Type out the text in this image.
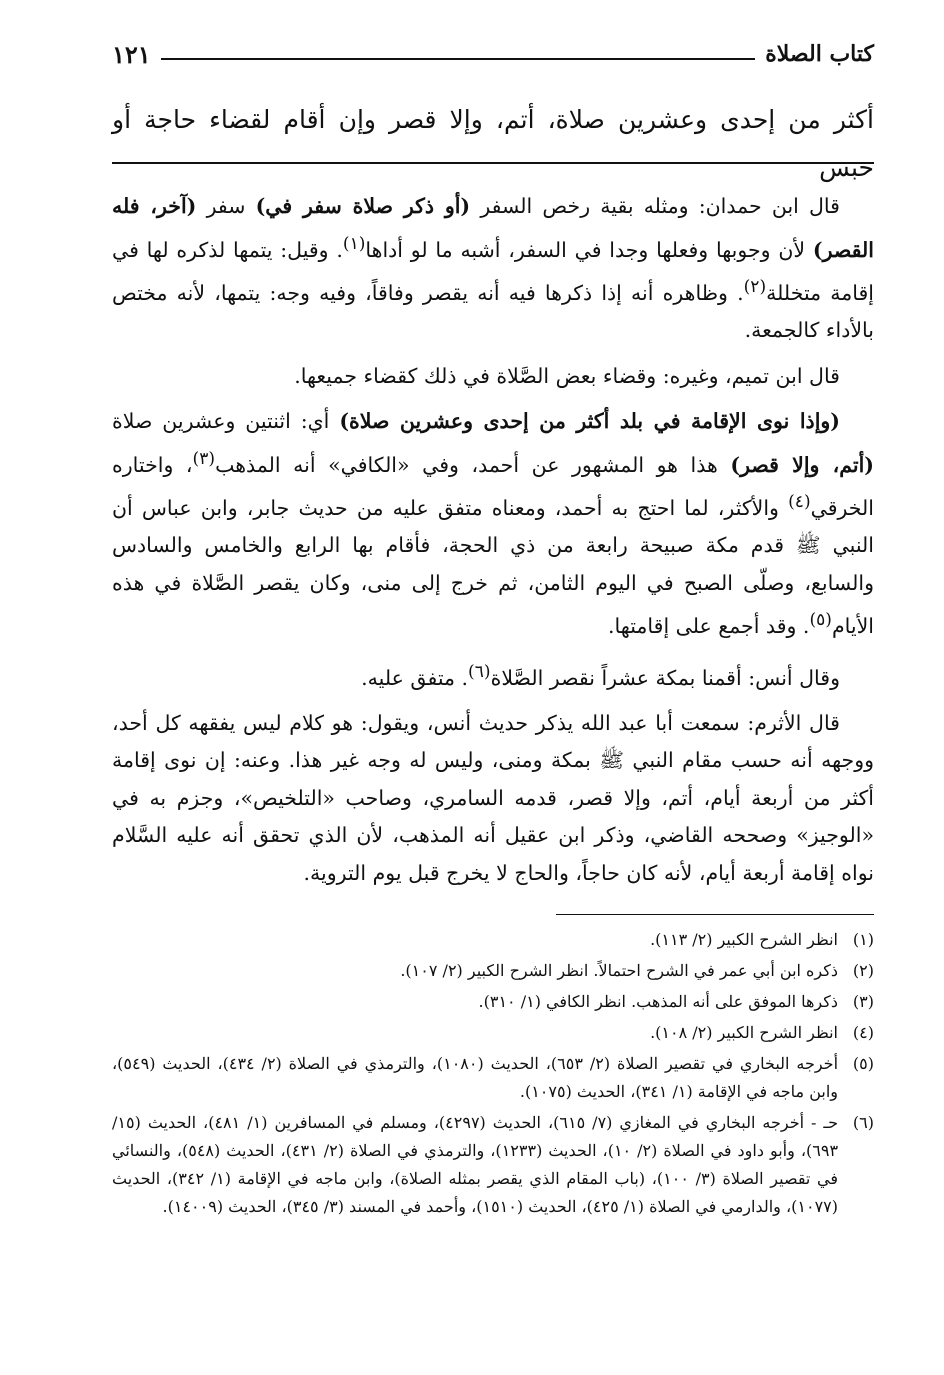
كتاب الصلاة
١٢١
أكثر من إحدى وعشرين صلاة، أتم، وإلا قصر وإن أقام لقضاء حاجة أو حبس

قال ابن حمدان: ومثله بقية رخص السفر (أو ذكر صلاة سفر في) سفر (آخر، فله القصر) لأن وجوبها وفعلها وجدا في السفر، أشبه ما لو أداها$^{(١)}$. وقيل: يتمها لذكره لها في إقامة متخللة$^{(٢)}$. وظاهره أنه إذا ذكرها فيه أنه يقصر وفاقاً، وفيه وجه: يتمها، لأنه مختص بالأداء كالجمعة.

قال ابن تميم، وغيره: وقضاء بعض الصَّلاة في ذلك كقضاء جميعها.

(وإذا نوى الإقامة في بلد أكثر من إحدى وعشرين صلاة) أي: اثنتين وعشرين صلاة (أتم، وإلا قصر) هذا هو المشهور عن أحمد، وفي «الكافي» أنه المذهب$^{(٣)}$، واختاره الخرقي$^{(٤)}$ والأكثر، لما احتج به أحمد، ومعناه متفق عليه من حديث جابر، وابن عباس أن النبي ﷺ قدم مكة صبيحة رابعة من ذي الحجة، فأقام بها الرابع والخامس والسادس والسابع، وصلّى الصبح في اليوم الثامن، ثم خرج إلى منى، وكان يقصر الصَّلاة في هذه الأيام$^{(٥)}$. وقد أجمع على إقامتها.

وقال أنس: أقمنا بمكة عشراً نقصر الصَّلاة$^{(٦)}$. متفق عليه.

قال الأثرم: سمعت أبا عبد الله يذكر حديث أنس، ويقول: هو كلام ليس يفقهه كل أحد، ووجهه أنه حسب مقام النبي ﷺ بمكة ومنى، وليس له وجه غير هذا. وعنه: إن نوى إقامة أكثر من أربعة أيام، أتم، وإلا قصر، قدمه السامري، وصاحب «التلخيص»، وجزم به في «الوجيز» وصححه القاضي، وذكر ابن عقيل أنه المذهب، لأن الذي تحقق أنه عليه السَّلام نواه إقامة أربعة أيام، لأنه كان حاجاً، والحاج لا يخرج قبل يوم التروية.

(١)
انظر الشرح الكبير (٢/ ١١٣).
(٢)
ذكره ابن أبي عمر في الشرح احتمالاً. انظر الشرح الكبير (٢/ ١٠٧).
(٣)
ذكرها الموفق على أنه المذهب. انظر الكافي (١/ ٣١٠).
(٤)
انظر الشرح الكبير (٢/ ١٠٨).
(٥)
أخرجه البخاري في تقصير الصلاة (٢/ ٦٥٣)، الحديث (١٠٨٠)، والترمذي في الصلاة (٢/ ٤٣٤)، الحديث (٥٤٩)، وابن ماجه في الإقامة (١/ ٣٤١)، الحديث (١٠٧٥).
(٦)
حـ - أخرجه البخاري في المغازي (٧/ ٦١٥)، الحديث (٤٢٩٧)، ومسلم في المسافرين (١/ ٤٨١)، الحديث (١٥/ ٦٩٣)، وأبو داود في الصلاة (٢/ ١٠)، الحديث (١٢٣٣)، والترمذي في الصلاة (٢/ ٤٣١)، الحديث (٥٤٨)، والنسائي في تقصير الصلاة (٣/ ١٠٠)، (باب المقام الذي يقصر بمثله الصلاة)، وابن ماجه في الإقامة (١/ ٣٤٢)، الحديث (١٠٧٧)، والدارمي في الصلاة (١/ ٤٢٥)، الحديث (١٥١٠)، وأحمد في المسند (٣/ ٣٤٥)، الحديث (١٤٠٠٩).
